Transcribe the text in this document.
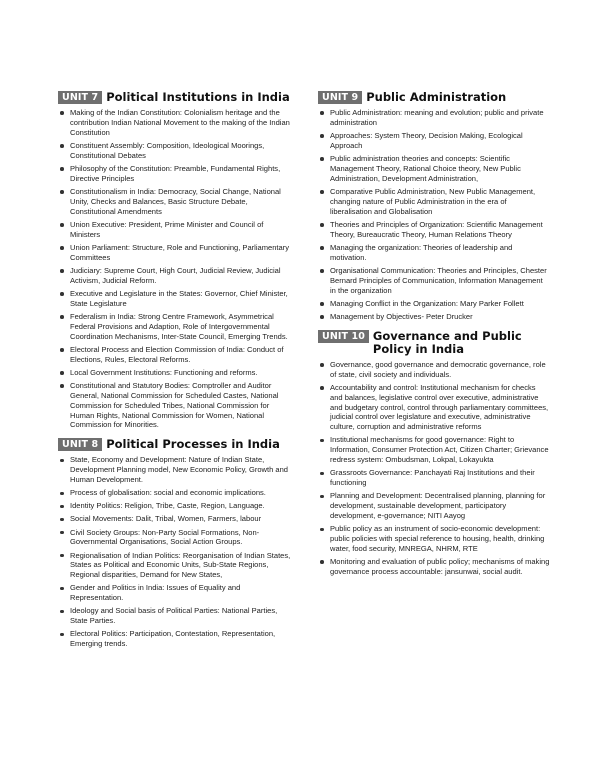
UNIT 7 Political Institutions in India
Making of the Indian Constitution: Colonialism heritage and the contribution Indian National Movement to the making of the Indian Constitution
Constituent Assembly: Composition, Ideological Moorings, Constitutional Debates
Philosophy of the Constitution: Preamble, Fundamental Rights, Directive Principles
Constitutionalism in India: Democracy, Social Change, National Unity, Checks and Balances, Basic Structure Debate, Constitutional Amendments
Union Executive: President, Prime Minister and Council of Ministers
Union Parliament: Structure, Role and Functioning, Parliamentary Committees
Judiciary: Supreme Court, High Court, Judicial Review, Judicial Activism, Judicial Reform.
Executive and Legislature in the States: Governor, Chief Minister, State Legislature
Federalism in India: Strong Centre Framework, Asymmetrical Federal Provisions and Adaption, Role of Intergovernmental Coordination Mechanisms, Inter-State Council, Emerging Trends.
Electoral Process and Election Commission of India: Conduct of Elections, Rules, Electoral Reforms.
Local Government Institutions: Functioning and reforms.
Constitutional and Statutory Bodies: Comptroller and Auditor General, National Commission for Scheduled Castes, National Commission for Scheduled Tribes, National Commission for Human Rights, National Commission for Women, National Commission for Minorities.
UNIT 8 Political Processes in India
State, Economy and Development: Nature of Indian State, Development Planning model, New Economic Policy, Growth and Human Development.
Process of globalisation: social and economic implications.
Identity Politics: Religion, Tribe, Caste, Region, Language.
Social Movements: Dalit, Tribal, Women, Farmers, labour
Civil Society Groups: Non-Party Social Formations, Non-Governmental Organisations, Social Action Groups.
Regionalisation of Indian Politics: Reorganisation of Indian States, States as Political and Economic Units, Sub-State Regions, Regional disparities, Demand for New States,
Gender and Politics in India: Issues of Equality and Representation.
Ideology and Social basis of Political Parties: National Parties, State Parties.
Electoral Politics: Participation, Contestation, Representation, Emerging trends.
UNIT 9 Public Administration
Public Administration: meaning and evolution; public and private administration
Approaches: System Theory, Decision Making, Ecological Approach
Public administration theories and concepts: Scientific Management Theory, Rational Choice theory, New Public Administration, Development Administration,
Comparative Public Administration, New Public Management, changing nature of Public Administration in the era of liberalisation and Globalisation
Theories and Principles of Organization: Scientific Management Theory, Bureaucratic Theory, Human Relations Theory
Managing the organization: Theories of leadership and motivation.
Organisational Communication: Theories and Principles, Chester Bernard Principles of Communication, Information Management in the organization
Managing Conflict in the Organization: Mary Parker Follett
Management by Objectives- Peter Drucker
UNIT 10 Governance and Public Policy in India
Governance, good governance and democratic governance, role of state, civil society and individuals.
Accountability and control: Institutional mechanism for checks and balances, legislative control over executive, administrative and budgetary control, control through parliamentary committees, judicial control over legislature and executive, administrative culture, corruption and administrative reforms
Institutional mechanisms for good governance: Right to Information, Consumer Protection Act, Citizen Charter; Grievance redress system: Ombudsman, Lokpal, Lokayukta
Grassroots Governance: Panchayati Raj Institutions and their functioning
Planning and Development: Decentralised planning, planning for development, sustainable development, participatory development, e-governance; NITI Aayog
Public policy as an instrument of socio-economic development: public policies with special reference to housing, health, drinking water, food security, MNREGA, NHRM, RTE
Monitoring and evaluation of public policy; mechanisms of making governance process accountable: jansunwai, social audit.
